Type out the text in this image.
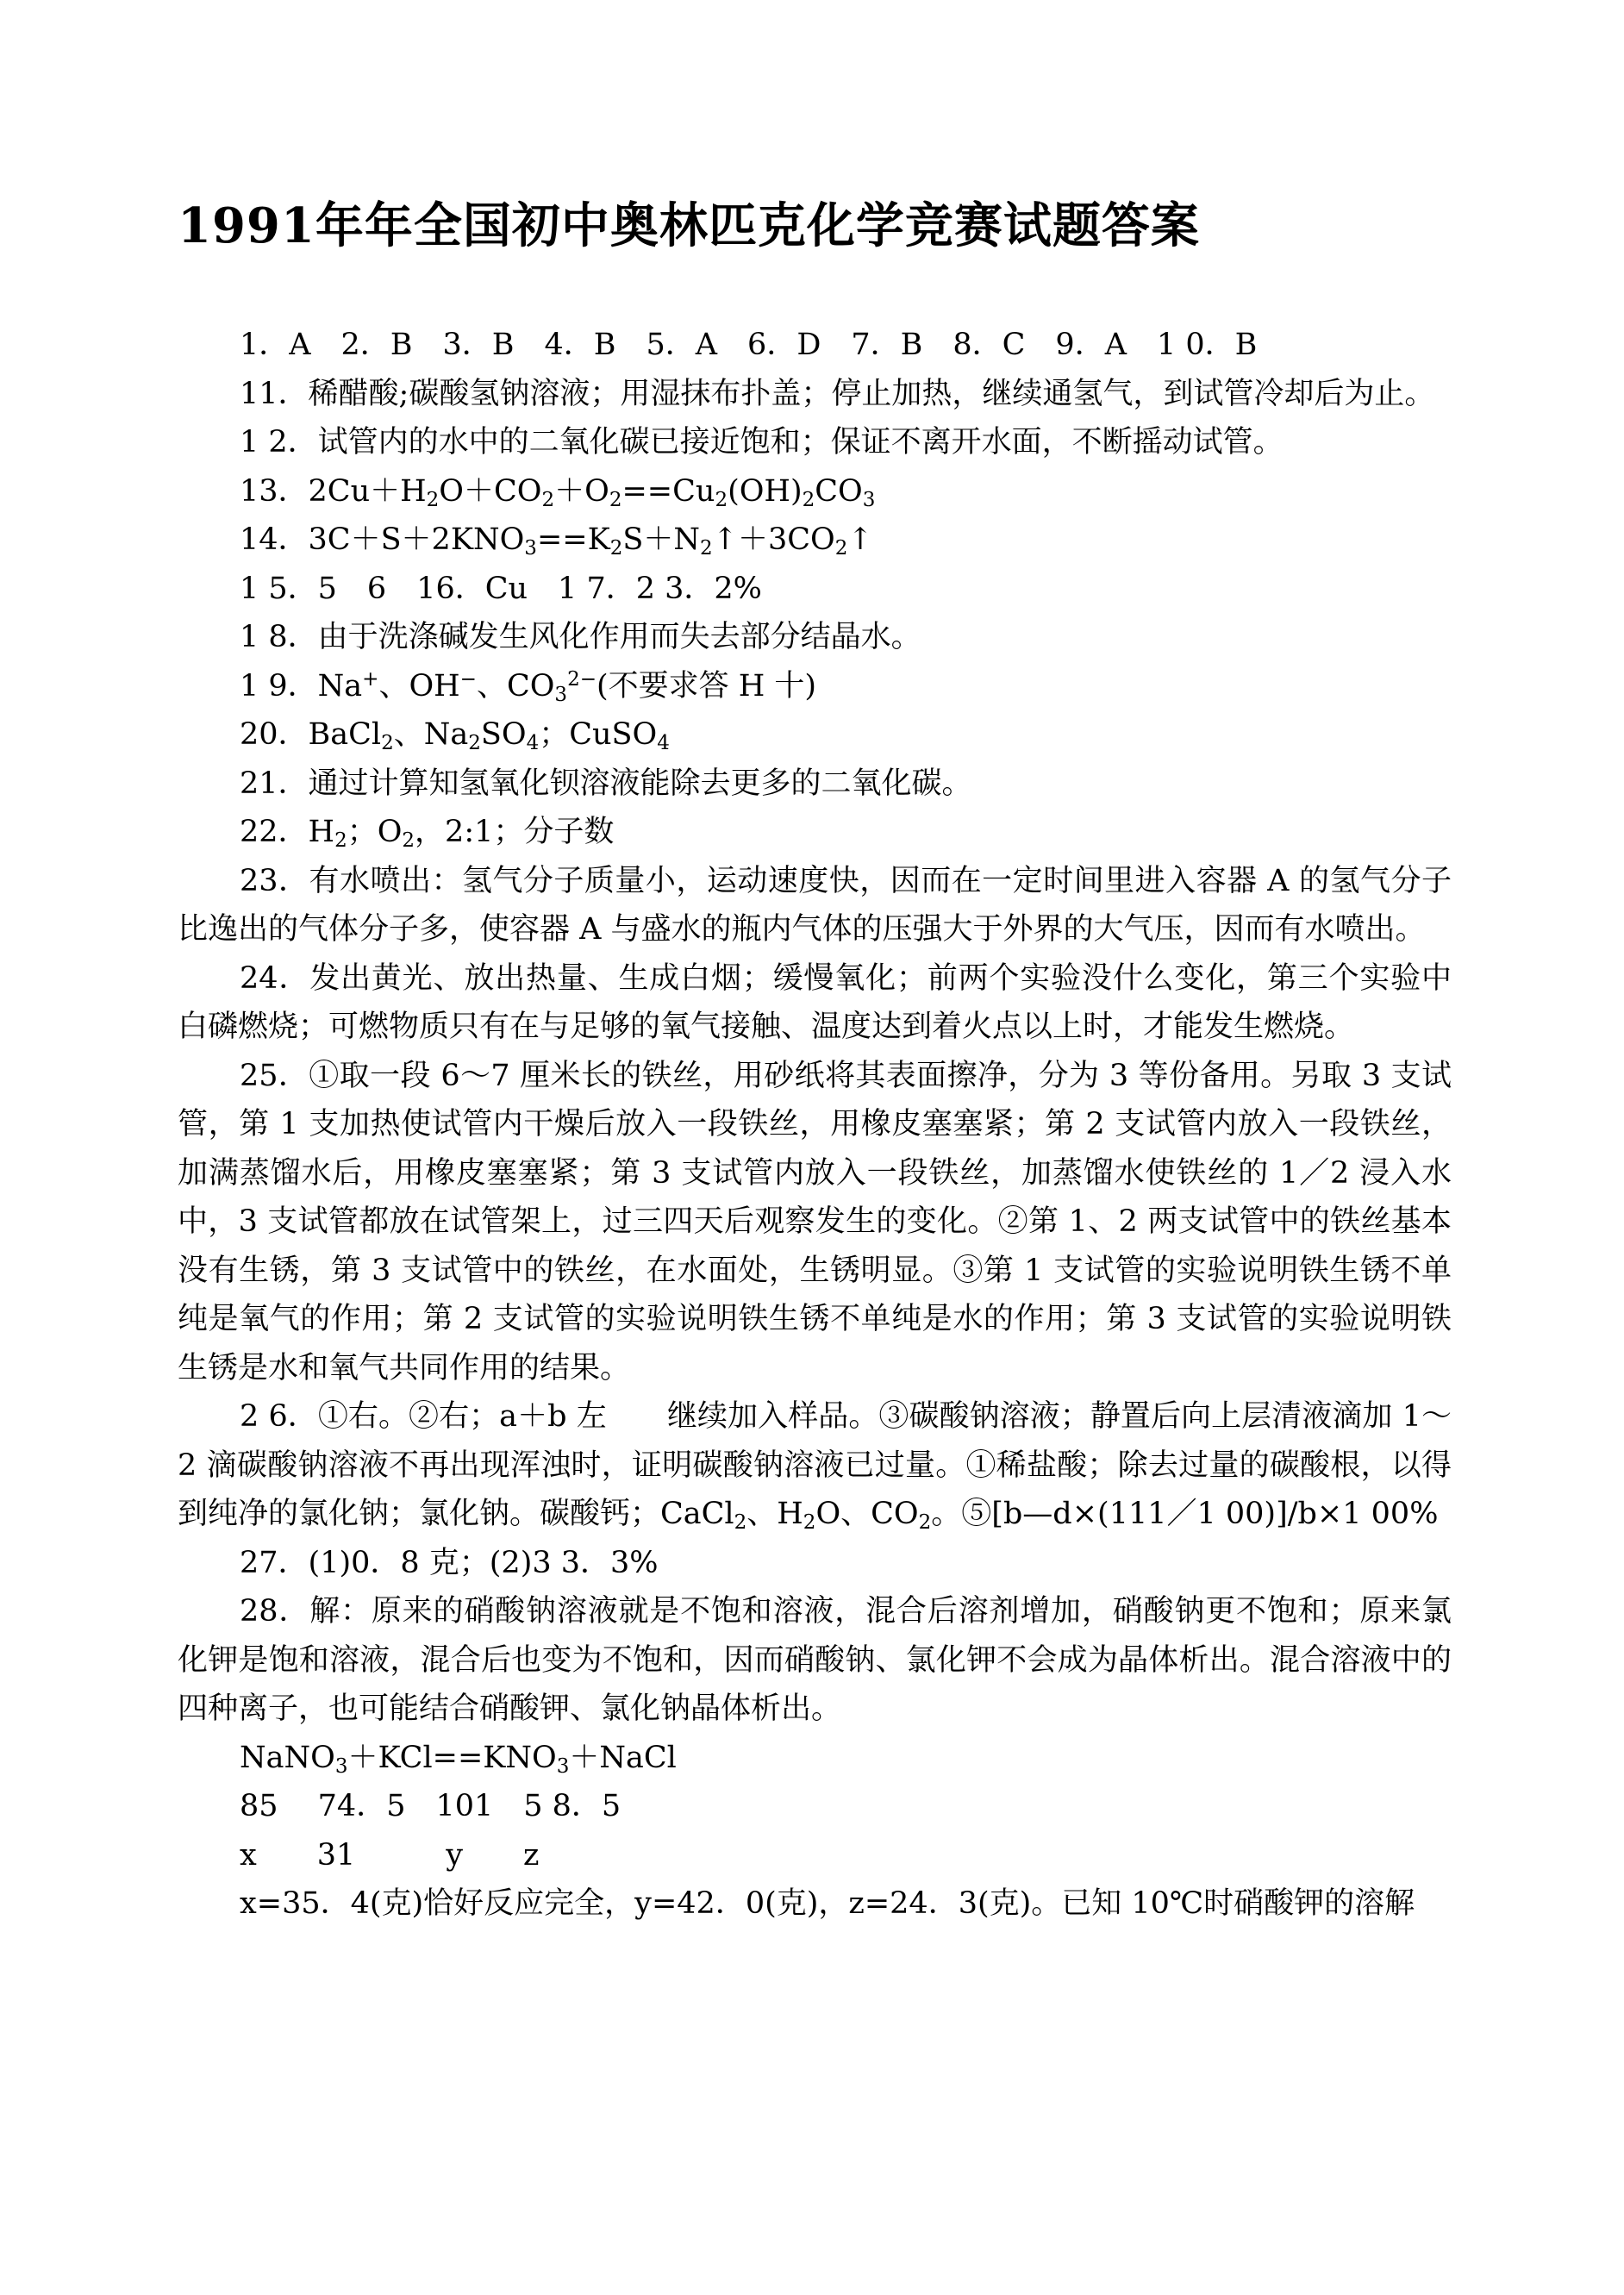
1991年年全国初中奥林匹克化学竞赛试题答案

1．A　2．B　3．B　4．B　5．A　6．D　7．B　8．C　9．A　1 0．B

11．稀醋酸;碳酸氢钠溶液；用湿抹布扑盖；停止加热，继续通氢气，到试管冷却后为止。

1 2．试管内的水中的二氧化碳已接近饱和；保证不离开水面，不断摇动试管。

13．$2Cu+H_2O+CO_2+O_2==Cu_2(OH)_2CO_3$

14．$3C+S+2KNO_3==K_2S+N_2↑+3CO_2↑$

1 5．5　6　16．Cu　1 7．2 3．2%

1 8．由于洗涤碱发生风化作用而失去部分结晶水。

1 9．Na+、OH−、$CO_3^{2-}$(不要求答 H 十)

20．BaCl$_2$、$Na_2SO_4$；CuSO$_4$

21．通过计算知氢氧化钡溶液能除去更多的二氧化碳。

22．$H_2$；$O_2$，2:1；分子数

23．有水喷出：氢气分子质量小，运动速度快，因而在一定时间里进入容器 A 的氢气分子比逸出的气体分子多，使容器 A 与盛水的瓶内气体的压强大于外界的大气压，因而有水喷出。

24．发出黄光、放出热量、生成白烟；缓慢氧化；前两个实验没什么变化，第三个实验中白磷燃烧；可燃物质只有在与足够的氧气接触、温度达到着火点以上时，才能发生燃烧。

25．①取一段 6～7 厘米长的铁丝，用砂纸将其表面擦净，分为 3 等份备用。另取 3 支试管，第 1 支加热使试管内干燥后放入一段铁丝，用橡皮塞塞紧；第 2 支试管内放入一段铁丝，加满蒸馏水后，用橡皮塞塞紧；第 3 支试管内放入一段铁丝，加蒸馏水使铁丝的 1／2 浸入水中，3 支试管都放在试管架上，过三四天后观察发生的变化。②第 1、2 两支试管中的铁丝基本没有生锈，第 3 支试管中的铁丝，在水面处，生锈明显。③第 1 支试管的实验说明铁生锈不单纯是氧气的作用；第 2 支试管的实验说明铁生锈不单纯是水的作用；第 3 支试管的实验说明铁生锈是水和氧气共同作用的结果。

2 6．①右。②右；a＋b 左　　继续加入样品。③碳酸钠溶液；静置后向上层清液滴加 1～2 滴碳酸钠溶液不再出现浑浊时，证明碳酸钠溶液已过量。①稀盐酸；除去过量的碳酸根，以得到纯净的氯化钠；氯化钠。碳酸钙；CaCl$_2$、$H_2O$、$CO_2$。⑤[b—d×(111／1 00)]/b×1 00%

27．(1)0．8 克；(2)3 3．3%

28．解：原来的硝酸钠溶液就是不饱和溶液，混合后溶剂增加，硝酸钠更不饱和；原来氯化钾是饱和溶液，混合后也变为不饱和，因而硝酸钠、氯化钾不会成为晶体析出。混合溶液中的四种离子，也可能结合硝酸钾、氯化钠晶体析出。

$NaNO_3+KCl==KNO_3+NaCl$

85　 74．5　101　5 8．5

x　　31　　　y　　z

x=35．4(克)恰好反应完全，y=42．0(克)，z=24．3(克)。已知 10℃时硝酸钾的溶解
